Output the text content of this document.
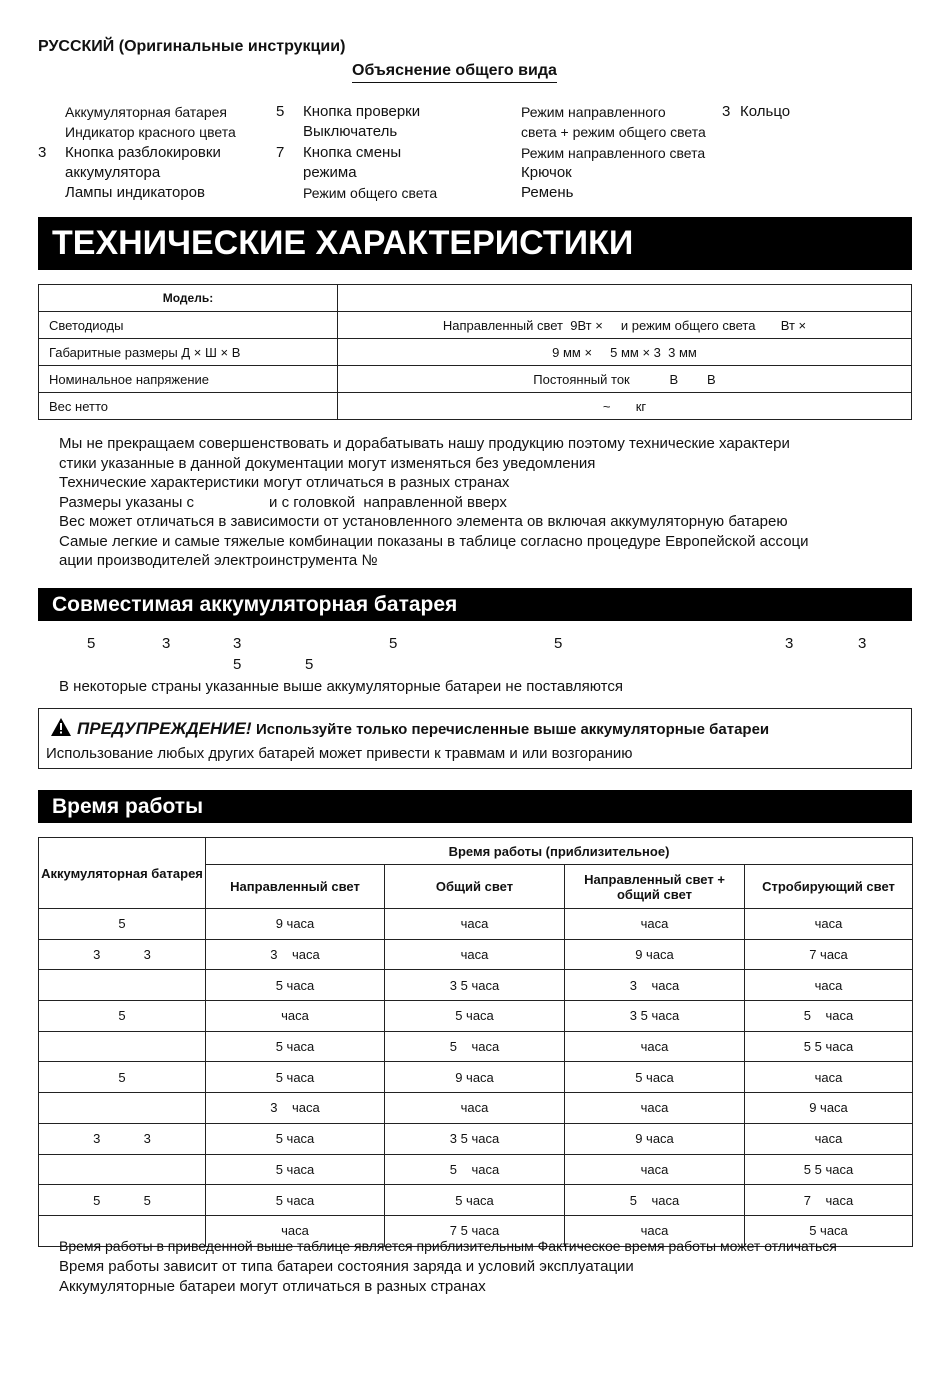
РУССКИЙ (Оригинальные инструкции)
Объяснение общего вида
3
Аккумуляторная батарея
Индикатор красного цвета
Кнопка разблокировки
аккумулятора
Лампы индикаторов
5
7
Кнопка проверки
Выключатель
Кнопка смены
режима
Режим общего света
Режим направленного
света + режим общего света
Режим направленного света
Крючок
Ремень
3 Кольцо
ТЕХНИЧЕСКИЕ ХАРАКТЕРИСТИКИ
Модель:	
Светодиоды	Направленный свет  9Вт ×     и режим общего света       Вт ×
Габаритные размеры Д × Ш × В	9 мм ×     5 мм × 3  3 мм
Номинальное напряжение	Постоянный ток           В        В
Вес нетто	~       кг
Мы не прекращаем совершенствовать и дорабатывать нашу продукцию поэтому технические характери
стики указанные в данной документации могут изменяться без уведомления
Технические характеристики могут отличаться в разных странах
Размеры указаны с                  и с головкой  направленной вверх
Вес может отличаться в зависимости от установленного элемента ов включая аккумуляторную батарею
Самые легкие и самые тяжелые комбинации показаны в таблице согласно процедуре Европейской ассоци
ации производителей электроинструмента №
Совместимая аккумуляторная батарея
5	3	3	5	5	3	3
5	5
В некоторые страны указанные выше аккумуляторные батареи не поставляются
ПРЕДУПРЕЖДЕНИЕ! Используйте только перечисленные выше аккумуляторные батареи
Использование любых других батарей может привести к травмам и или возгоранию
Время работы
Аккумуляторная батарея	Время работы (приблизительное)			
	Направленный свет	Общий свет	Направленный свет + общий свет	Стробирующий свет
5	9 часа	часа	часа	часа
3            3	3    часа	часа	9 часа	7 часа
	5 часа	3 5 часа	3    часа	часа
5	часа	5 часа	3 5 часа	5    часа
	5 часа	5    часа	часа	5 5 часа
5	5 часа	9 часа	5 часа	часа
	3    часа	часа	часа	9 часа
3            3	5 часа	3 5 часа	9 часа	часа
	5 часа	5    часа	часа	5 5 часа
5            5	5 часа	5 часа	5    часа	7    часа
	часа	7 5 часа	часа	5 часа
Время работы в приведенной выше таблице является приблизительным Фактическое время работы может отличаться
Время работы зависит от типа батареи состояния заряда и условий эксплуатации
Аккумуляторные батареи могут отличаться в разных странах
